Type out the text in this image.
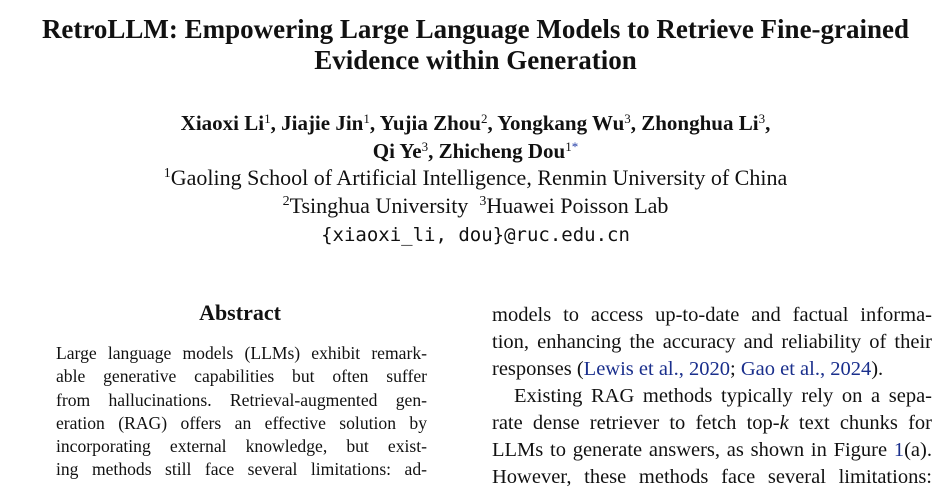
RetroLLM: Empowering Large Language Models to Retrieve Fine-grained
Evidence within Generation
Xiaoxi Li$^1$, Jiajie Jin$^1$, Yujia Zhou$^2$, Yongkang Wu$^3$, Zhonghua Li$^3$,
Qi Ye$^3$, Zhicheng Dou$^{1*}$
$^1$Gaoling School of Artificial Intelligence, Renmin University of China
$^2$Tsinghua University $^3$Huawei Poisson Lab
{xiaoxi_li, dou}@ruc.edu.cn
Abstract
Large language models (LLMs) exhibit remark-
able generative capabilities but often suffer
from hallucinations. Retrieval-augmented gen-
eration (RAG) offers an effective solution by
incorporating external knowledge, but exist-
ing methods still face several limitations: ad-
models to access up-to-date and factual informa-
tion, enhancing the accuracy and reliability of their
responses (Lewis et al., 2020; Gao et al., 2024).
Existing RAG methods typically rely on a sepa-
rate dense retriever to fetch top-k text chunks for
LLMs to generate answers, as shown in Figure 1(a).
However, these methods face several limitations:
